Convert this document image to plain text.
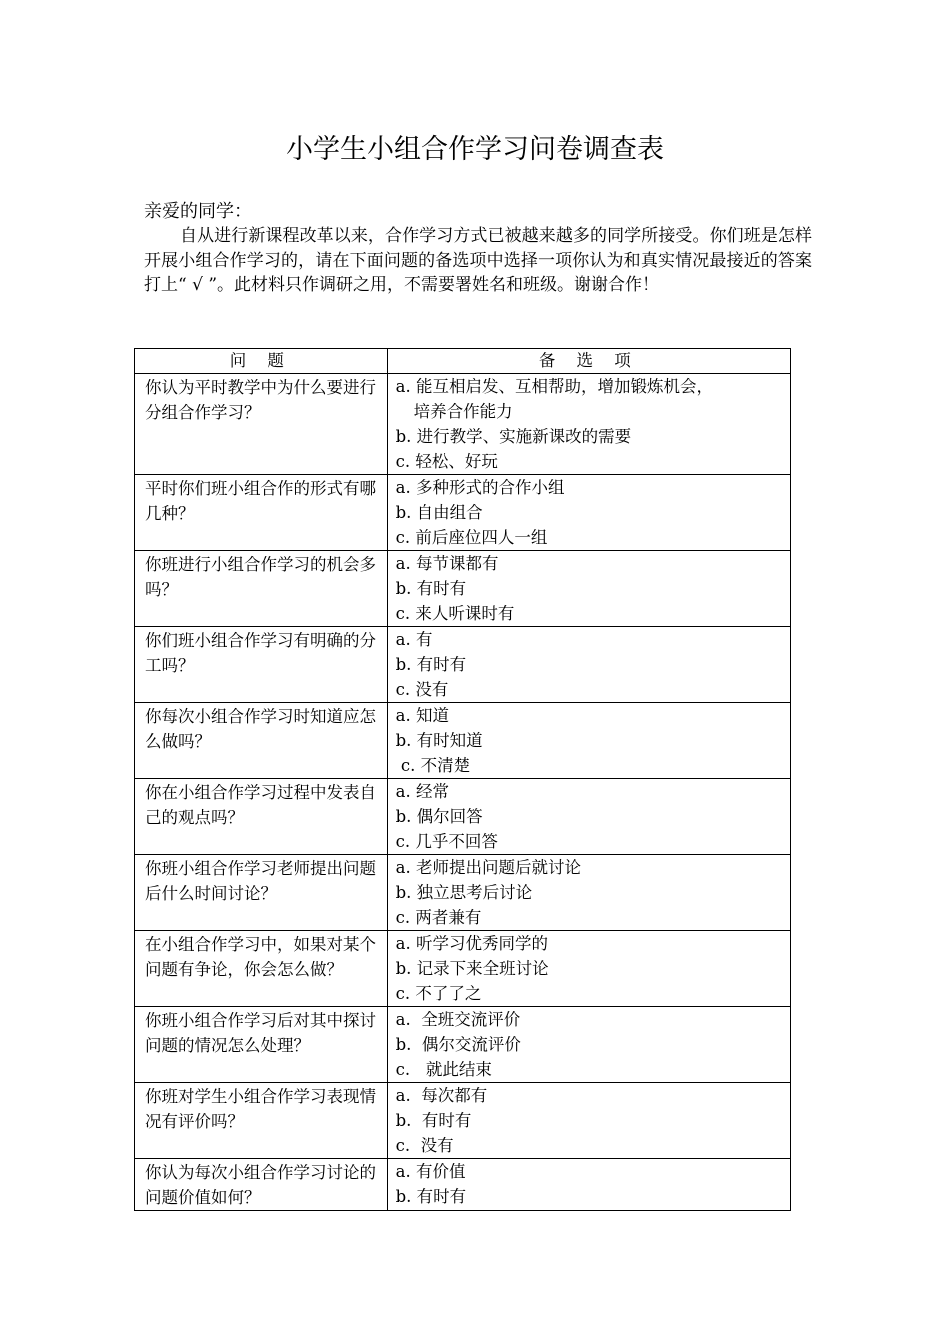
小学生小组合作学习问卷调查表
亲爱的同学：

自从进行新课程改革以来，合作学习方式已被越来越多的同学所接受。你们班是怎样开展小组合作学习的，请在下面问题的备选项中选择一项你认为和真实情况最接近的答案打上“ √ ”。此材料只作调研之用，不需要署姓名和班级。谢谢合作！

问 题	备 选 项

你认为平时教学中为什么要进行分组合作学习？	a. 能互相启发、互相帮助，增加锻炼机会，
培养合作能力
b. 进行教学、实施新课改的需要
c. 轻松、好玩

平时你们班小组合作的形式有哪几种？	a. 多种形式的合作小组
b. 自由组合
c. 前后座位四人一组

你班进行小组合作学习的机会多吗？	a. 每节课都有
b. 有时有
c. 来人听课时有

你们班小组合作学习有明确的分工吗？	a. 有
b. 有时有
c. 没有

你每次小组合作学习时知道应怎么做吗？	a. 知道
b. 有时知道
c. 不清楚

你在小组合作学习过程中发表自己的观点吗？	a. 经常
b. 偶尔回答
c. 几乎不回答

你班小组合作学习老师提出问题后什么时间讨论？	a. 老师提出问题后就讨论
b. 独立思考后讨论
c. 两者兼有

在小组合作学习中，如果对某个问题有争论，你会怎么做？	a. 听学习优秀同学的
b. 记录下来全班讨论
c. 不了了之

你班小组合作学习后对其中探讨问题的情况怎么处理？	a.  全班交流评价
b.  偶尔交流评价
c.   就此结束

你班对学生小组合作学习表现情况有评价吗？	a.  每次都有
b.  有时有
c.  没有

你认为每次小组合作学习讨论的问题价值如何？	a. 有价值
b. 有时有
